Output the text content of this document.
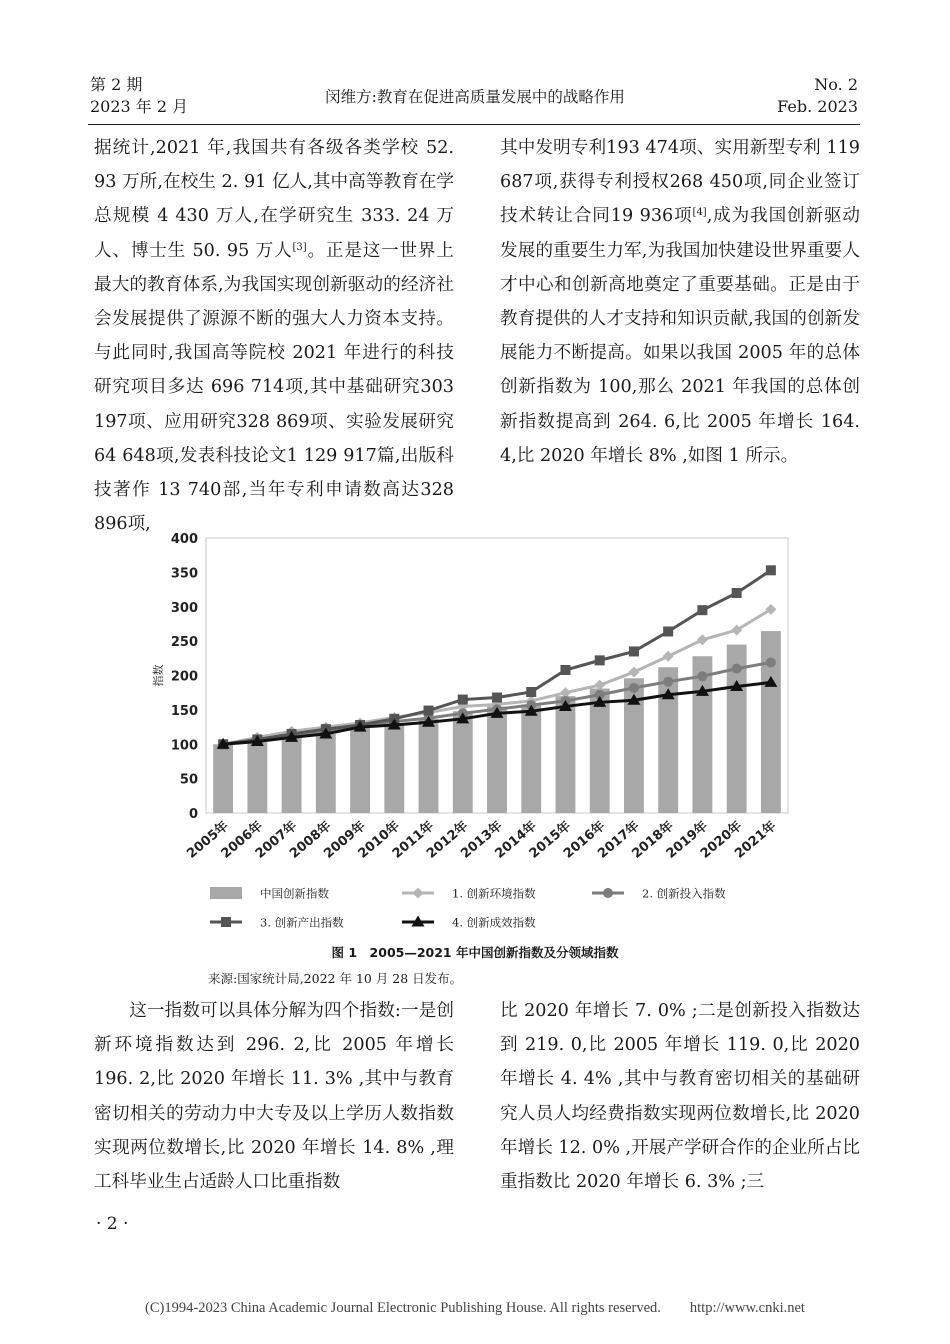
第 2 期
2023 年 2 月	闵维方:教育在促进高质量发展中的战略作用
No. 2
Feb. 2023

据统计,2021 年,我国共有各级各类学校 52. 93 万所,在校生 2. 91 亿人,其中高等教育在学总规模 4 430 万人,在学研究生 333. 24 万人、博士生 50. 95 万人[3]。正是这一世界上最大的教育体系,为我国实现创新驱动的经济社会发展提供了源源不断的强大人力资本支持。与此同时,我国高等院校 2021 年进行的科技研究项目多达 696 714项,其中基础研究303 197项、应用研究328 869项、实验发展研究64 648项,发表科技论文1 129 917篇,出版科技著作 13 740部,当年专利申请数高达328 896项,

其中发明专利193 474项、实用新型专利 119 687项,获得专利授权268 450项,同企业签订技术转让合同19 936项[4],成为我国创新驱动发展的重要生力军,为我国加快建设世界重要人才中心和创新高地奠定了重要基础。正是由于教育提供的人才支持和知识贡献,我国的创新发展能力不断提高。如果以我国 2005 年的总体创新指数为 100,那么 2021 年我国的总体创新指数提高到 264. 6,比 2005 年增长 164. 4,比 2020 年增长 8% ,如图 1 所示。

0
50
100
150
200
250
300
350
400
指数
2005年
2006年
2007年
2008年
2009年
2010年
2011年
2012年
2013年
2014年
2015年
2016年
2017年
2018年
2019年
2020年
2021年
中国创新指数	1. 创新环境指数	2. 创新投入指数
3. 创新产出指数	4. 创新成效指数
图 1　2005—2021 年中国创新指数及分领域指数
来源:国家统计局,2022 年 10 月 28 日发布。

这一指数可以具体分解为四个指数:一是创新环境指数达到 296. 2,比 2005 年增长 196. 2,比 2020 年增长 11. 3% ,其中与教育密切相关的劳动力中大专及以上学历人数指数实现两位数增长,比 2020 年增长 14. 8% ,理工科毕业生占适龄人口比重指数

比 2020 年增长 7. 0% ;二是创新投入指数达到 219. 0,比 2005 年增长 119. 0,比 2020 年增长 4. 4% ,其中与教育密切相关的基础研究人员人均经费指数实现两位数增长,比 2020 年增长 12. 0% ,开展产学研合作的企业所占比重指数比 2020 年增长 6. 3% ;三

· 2 ·
(C)1994-2023 China Academic Journal Electronic Publishing House. All rights reserved.　　http://www.cnki.net
